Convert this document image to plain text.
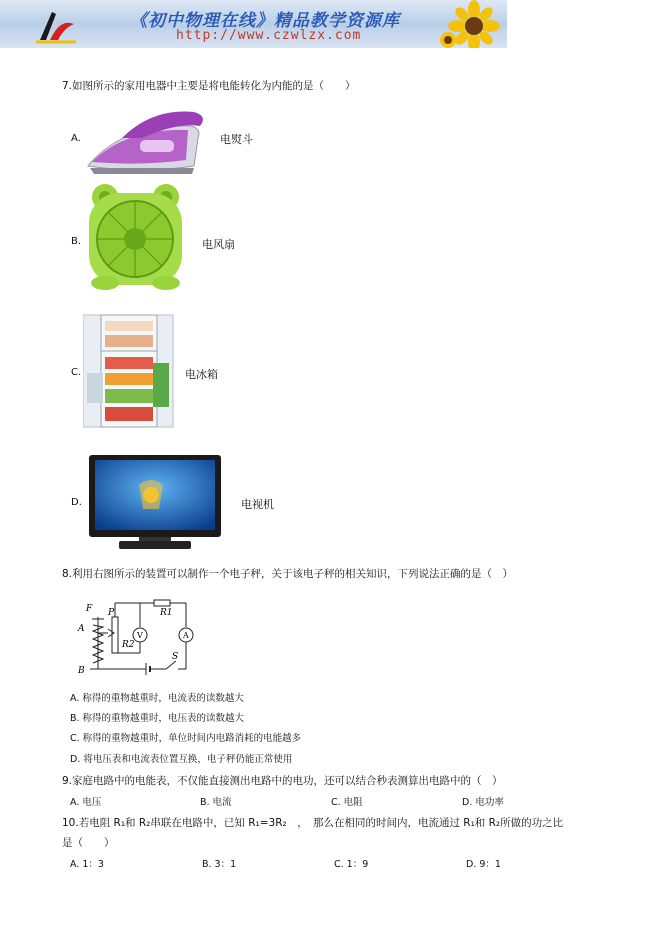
《初中物理在线》精品教学资源库
http://www.czwlzx.com
7.如图所示的家用电器中主要是将电能转化为内能的是（　　）
A.	电熨斗
B.	电风扇
C.	电冰箱
D.	电视机
8.利用右图所示的装置可以制作一个电子秤，关于该电子秤的相关知识，下列说法正确的是（　）
F
A
B
P
R2
R1
S
V	A
A. 称得的重物越重时，电流表的读数越大
B. 称得的重物越重时，电压表的读数越大
C. 称得的重物越重时，单位时间内电路消耗的电能越多
D. 将电压表和电流表位置互换，电子秤仍能正常使用
9.家庭电路中的电能表，不仅能直接测出电路中的电功，还可以结合秒表测算出电路中的（　）
A. 电压	B. 电流	C. 电阻	D. 电功率
10.若电阻 R₁和 R₂串联在电路中，已知 R₁=3R₂　，　那么在相同的时间内，电流通过 R₁和 R₂所做的功之比
是（　　）
A. 1：3	B. 3：1	C. 1：9	D. 9：1
